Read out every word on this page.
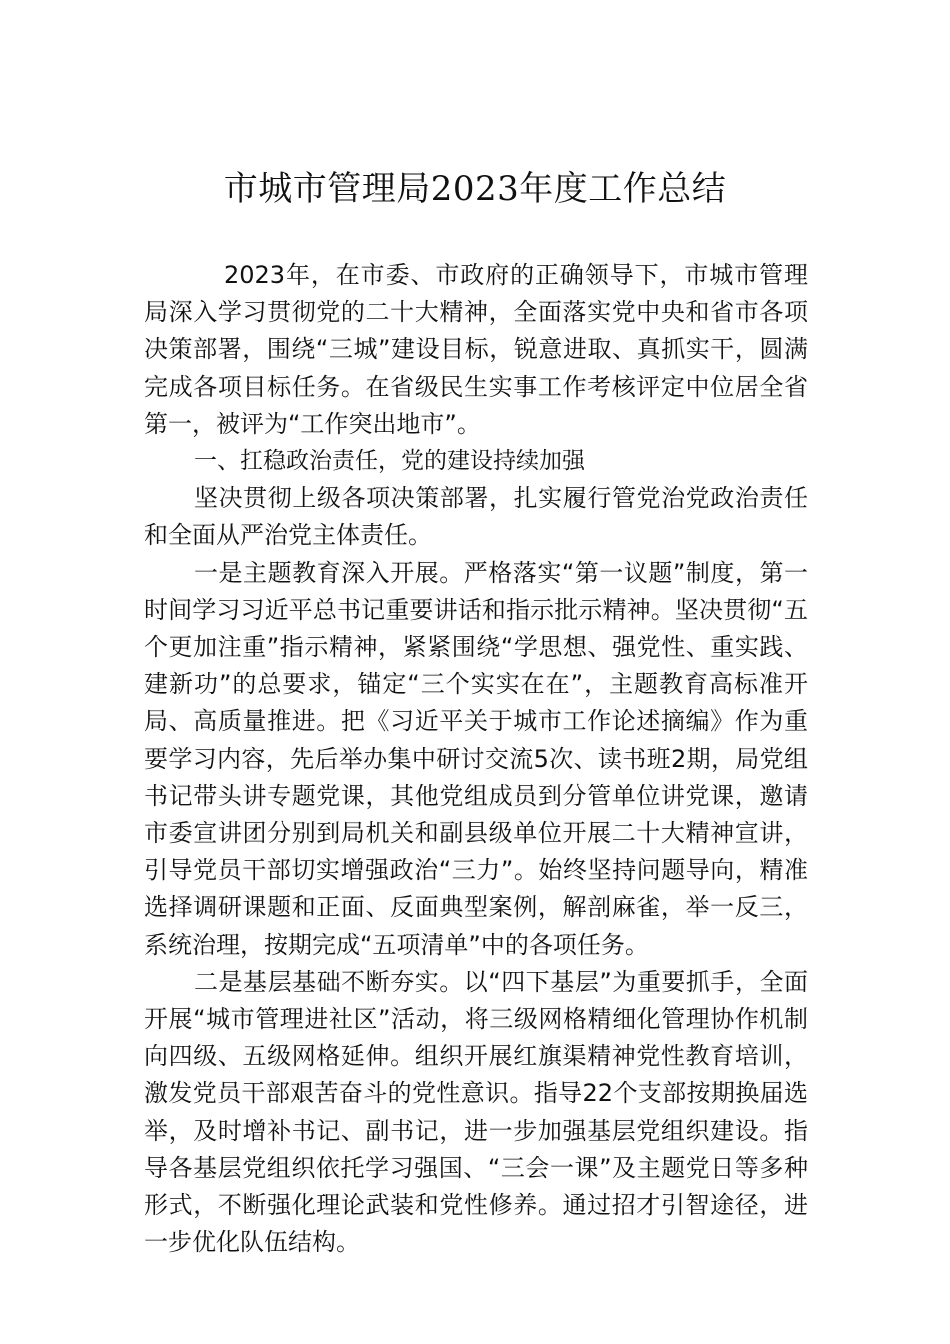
市城市管理局2023年度工作总结

2023年，在市委、市政府的正确领导下，市城市管理局深入学习贯彻党的二十大精神，全面落实党中央和省市各项决策部署，围绕“三城”建设目标，锐意进取、真抓实干，圆满完成各项目标任务。在省级民生实事工作考核评定中位居全省第一，被评为“工作突出地市”。

一、扛稳政治责任，党的建设持续加强

坚决贯彻上级各项决策部署，扎实履行管党治党政治责任和全面从严治党主体责任。

一是主题教育深入开展。严格落实“第一议题”制度，第一时间学习习近平总书记重要讲话和指示批示精神。坚决贯彻“五个更加注重”指示精神，紧紧围绕“学思想、强党性、重实践、建新功”的总要求，锚定“三个实实在在”，主题教育高标准开局、高质量推进。把《习近平关于城市工作论述摘编》作为重要学习内容，先后举办集中研讨交流5次、读书班2期，局党组书记带头讲专题党课，其他党组成员到分管单位讲党课，邀请市委宣讲团分别到局机关和副县级单位开展二十大精神宣讲，引导党员干部切实增强政治“三力”。始终坚持问题导向，精准选择调研课题和正面、反面典型案例，解剖麻雀，举一反三，系统治理，按期完成“五项清单”中的各项任务。

二是基层基础不断夯实。以“四下基层”为重要抓手，全面开展“城市管理进社区”活动，将三级网格精细化管理协作机制向四级、五级网格延伸。组织开展红旗渠精神党性教育培训，激发党员干部艰苦奋斗的党性意识。指导22个支部按期换届选举，及时增补书记、副书记，进一步加强基层党组织建设。指导各基层党组织依托学习强国、“三会一课”及主题党日等多种形式，不断强化理论武装和党性修养。通过招才引智途径，进一步优化队伍结构。
